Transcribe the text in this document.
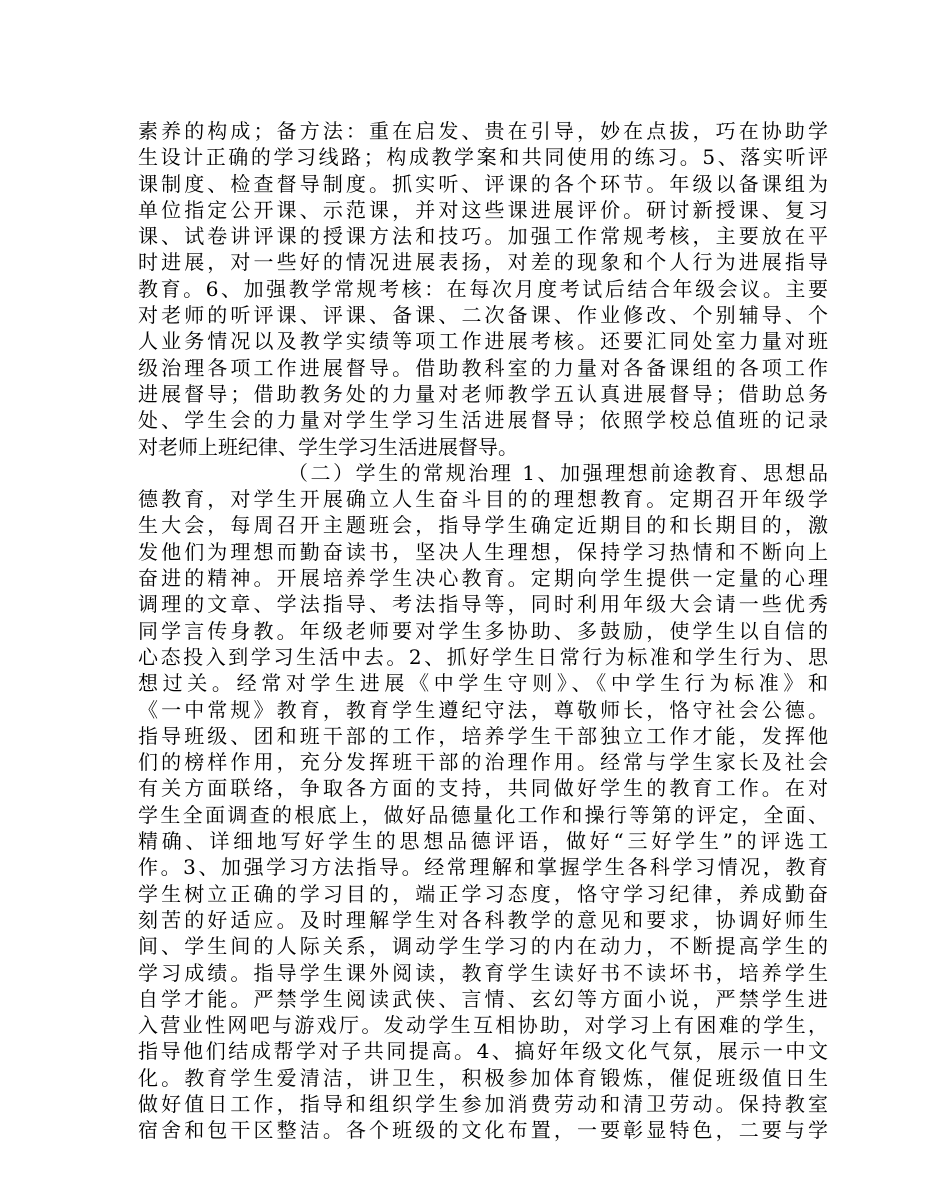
素养的构成；备方法：重在启发、贵在引导，妙在点拔，巧在协助学
生设计正确的学习线路；构成教学案和共同使用的练习。5、落实听评
课制度、检查督导制度。抓实听、评课的各个环节。年级以备课组为
单位指定公开课、示范课，并对这些课进展评价。研讨新授课、复习
课、试卷讲评课的授课方法和技巧。加强工作常规考核，主要放在平
时进展，对一些好的情况进展表扬，对差的现象和个人行为进展指导
教育。6、加强教学常规考核：在每次月度考试后结合年级会议。主要
对老师的听评课、评课、备课、二次备课、作业修改、个别辅导、个
人业务情况以及教学实绩等项工作进展考核。还要汇同处室力量对班
级治理各项工作进展督导。借助教科室的力量对各备课组的各项工作
进展督导；借助教务处的力量对老师教学五认真进展督导；借助总务
处、学生会的力量对学生学习生活进展督导；依照学校总值班的记录
对老师上班纪律、学生学习生活进展督导。
（二）学生的常规治理 1、加强理想前途教育、思想品
德教育，对学生开展确立人生奋斗目的的理想教育。定期召开年级学
生大会，每周召开主题班会，指导学生确定近期目的和长期目的，激
发他们为理想而勤奋读书，坚决人生理想，保持学习热情和不断向上
奋进的精神。开展培养学生决心教育。定期向学生提供一定量的心理
调理的文章、学法指导、考法指导等，同时利用年级大会请一些优秀
同学言传身教。年级老师要对学生多协助、多鼓励，使学生以自信的
心态投入到学习生活中去。2、抓好学生日常行为标准和学生行为、思
想过关。经常对学生进展《中学生守则》、《中学生行为标准》和
《一中常规》教育，教育学生遵纪守法，尊敬师长，恪守社会公德。
指导班级、团和班干部的工作，培养学生干部独立工作才能，发挥他
们的榜样作用，充分发挥班干部的治理作用。经常与学生家长及社会
有关方面联络，争取各方面的支持，共同做好学生的教育工作。在对
学生全面调查的根底上，做好品德量化工作和操行等第的评定，全面、
精确、详细地写好学生的思想品德评语，做好“三好学生”的评选工
作。3、加强学习方法指导。经常理解和掌握学生各科学习情况，教育
学生树立正确的学习目的，端正学习态度，恪守学习纪律，养成勤奋
刻苦的好适应。及时理解学生对各科教学的意见和要求，协调好师生
间、学生间的人际关系，调动学生学习的内在动力，不断提高学生的
学习成绩。指导学生课外阅读，教育学生读好书不读坏书，培养学生
自学才能。严禁学生阅读武侠、言情、玄幻等方面小说，严禁学生进
入营业性网吧与游戏厅。发动学生互相协助，对学习上有困难的学生，
指导他们结成帮学对子共同提高。4、搞好年级文化气氛，展示一中文
化。教育学生爱清洁，讲卫生，积极参加体育锻炼，催促班级值日生
做好值日工作，指导和组织学生参加消费劳动和清卫劳动。保持教室
宿舍和包干区整洁。各个班级的文化布置，一要彰显特色，二要与学
